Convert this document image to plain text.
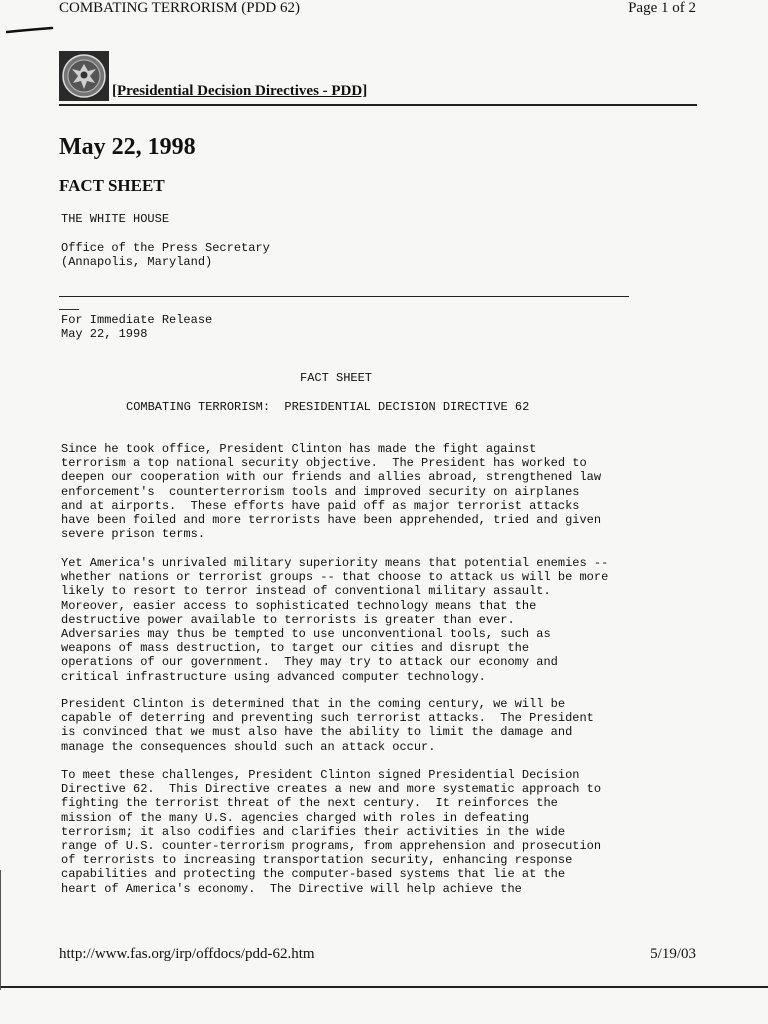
COMBATING TERRORISM (PDD 62)	Page 1 of 2
[Presidential Decision Directives - PDD]
May 22, 1998
FACT SHEET
THE WHITE HOUSE
Office of the Press Secretary
(Annapolis, Maryland)
For Immediate Release
May 22, 1998
FACT SHEET
COMBATING TERRORISM:  PRESIDENTIAL DECISION DIRECTIVE 62
Since he took office, President Clinton has made the fight against
terrorism a top national security objective.  The President has worked to
deepen our cooperation with our friends and allies abroad, strengthened law
enforcement's  counterterrorism tools and improved security on airplanes
and at airports.  These efforts have paid off as major terrorist attacks
have been foiled and more terrorists have been apprehended, tried and given
severe prison terms.
Yet America's unrivaled military superiority means that potential enemies --
whether nations or terrorist groups -- that choose to attack us will be more
likely to resort to terror instead of conventional military assault.
Moreover, easier access to sophisticated technology means that the
destructive power available to terrorists is greater than ever.
Adversaries may thus be tempted to use unconventional tools, such as
weapons of mass destruction, to target our cities and disrupt the
operations of our government.  They may try to attack our economy and
critical infrastructure using advanced computer technology.
President Clinton is determined that in the coming century, we will be
capable of deterring and preventing such terrorist attacks.  The President
is convinced that we must also have the ability to limit the damage and
manage the consequences should such an attack occur.
To meet these challenges, President Clinton signed Presidential Decision
Directive 62.  This Directive creates a new and more systematic approach to
fighting the terrorist threat of the next century.  It reinforces the
mission of the many U.S. agencies charged with roles in defeating
terrorism; it also codifies and clarifies their activities in the wide
range of U.S. counter-terrorism programs, from apprehension and prosecution
of terrorists to increasing transportation security, enhancing response
capabilities and protecting the computer-based systems that lie at the
heart of America's economy.  The Directive will help achieve the
http://www.fas.org/irp/offdocs/pdd-62.htm	5/19/03
